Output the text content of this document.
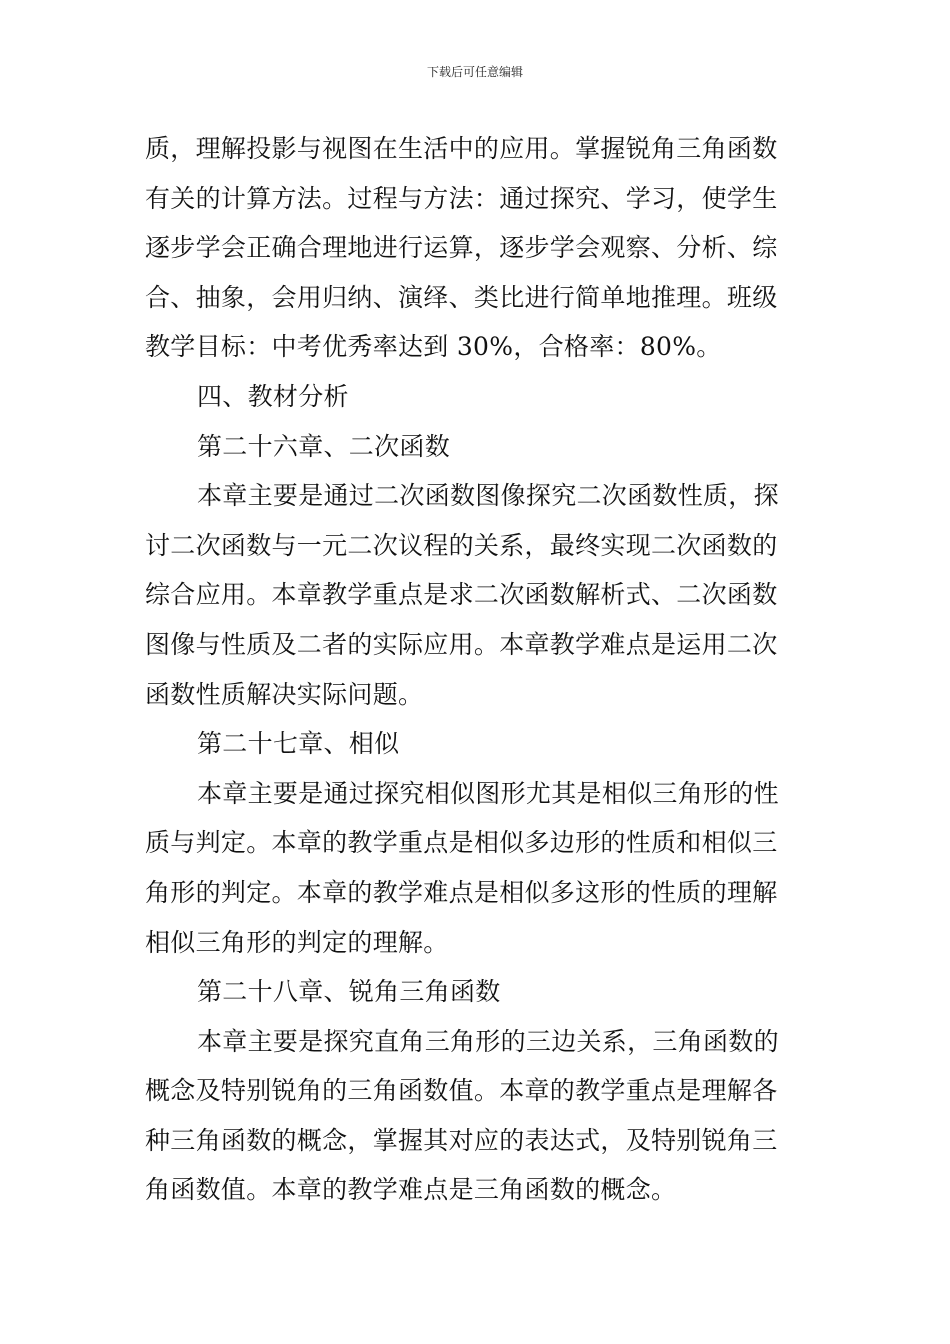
下载后可任意编辑
质，理解投影与视图在生活中的应用。掌握锐角三角函数
有关的计算方法。过程与方法：通过探究、学习，使学生
逐步学会正确合理地进行运算，逐步学会观察、分析、综
合、抽象，会用归纳、演绎、类比进行简单地推理。班级
教学目标：中考优秀率达到 30%，合格率：80%。
四、教材分析
第二十六章、二次函数
本章主要是通过二次函数图像探究二次函数性质，探
讨二次函数与一元二次议程的关系，最终实现二次函数的
综合应用。本章教学重点是求二次函数解析式、二次函数
图像与性质及二者的实际应用。本章教学难点是运用二次
函数性质解决实际问题。
第二十七章、相似
本章主要是通过探究相似图形尤其是相似三角形的性
质与判定。本章的教学重点是相似多边形的性质和相似三
角形的判定。本章的教学难点是相似多这形的性质的理解
相似三角形的判定的理解。
第二十八章、锐角三角函数
本章主要是探究直角三角形的三边关系，三角函数的
概念及特别锐角的三角函数值。本章的教学重点是理解各
种三角函数的概念，掌握其对应的表达式，及特别锐角三
角函数值。本章的教学难点是三角函数的概念。
